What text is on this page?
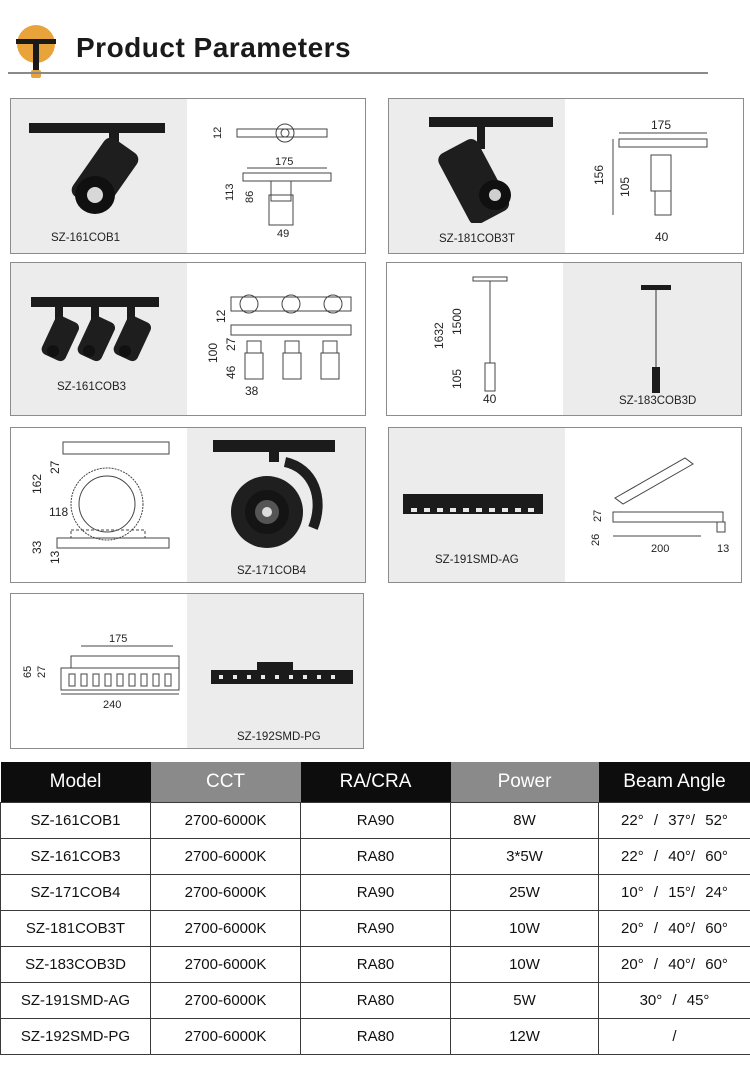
Product Parameters
SZ-161COB1
12
175
113 86
49	SZ-181COB3T
175
156
105
40
SZ-161COB3
12
100 27
46
38
1632
1500
105
40	SZ-183COB3D
162
27
118
33
13
SZ-171COB4
SZ-191SMD-AG
27
26
200	13
175
65 27
240
SZ-192SMD-PG
Model	CCT	RA/CRA	Power	Beam Angle
SZ-161COB1	2700-6000K	RA90	8W	22° / 37°/ 52°
SZ-161COB3	2700-6000K	RA80	3*5W	22° / 40°/ 60°
SZ-171COB4	2700-6000K	RA90	25W	10° / 15°/ 24°
SZ-181COB3T	2700-6000K	RA90	10W	20° / 40°/ 60°
SZ-183COB3D	2700-6000K	RA80	10W	20° / 40°/ 60°
SZ-191SMD-AG	2700-6000K	RA80	5W	30° / 45°
SZ-192SMD-PG	2700-6000K	RA80	12W	/
